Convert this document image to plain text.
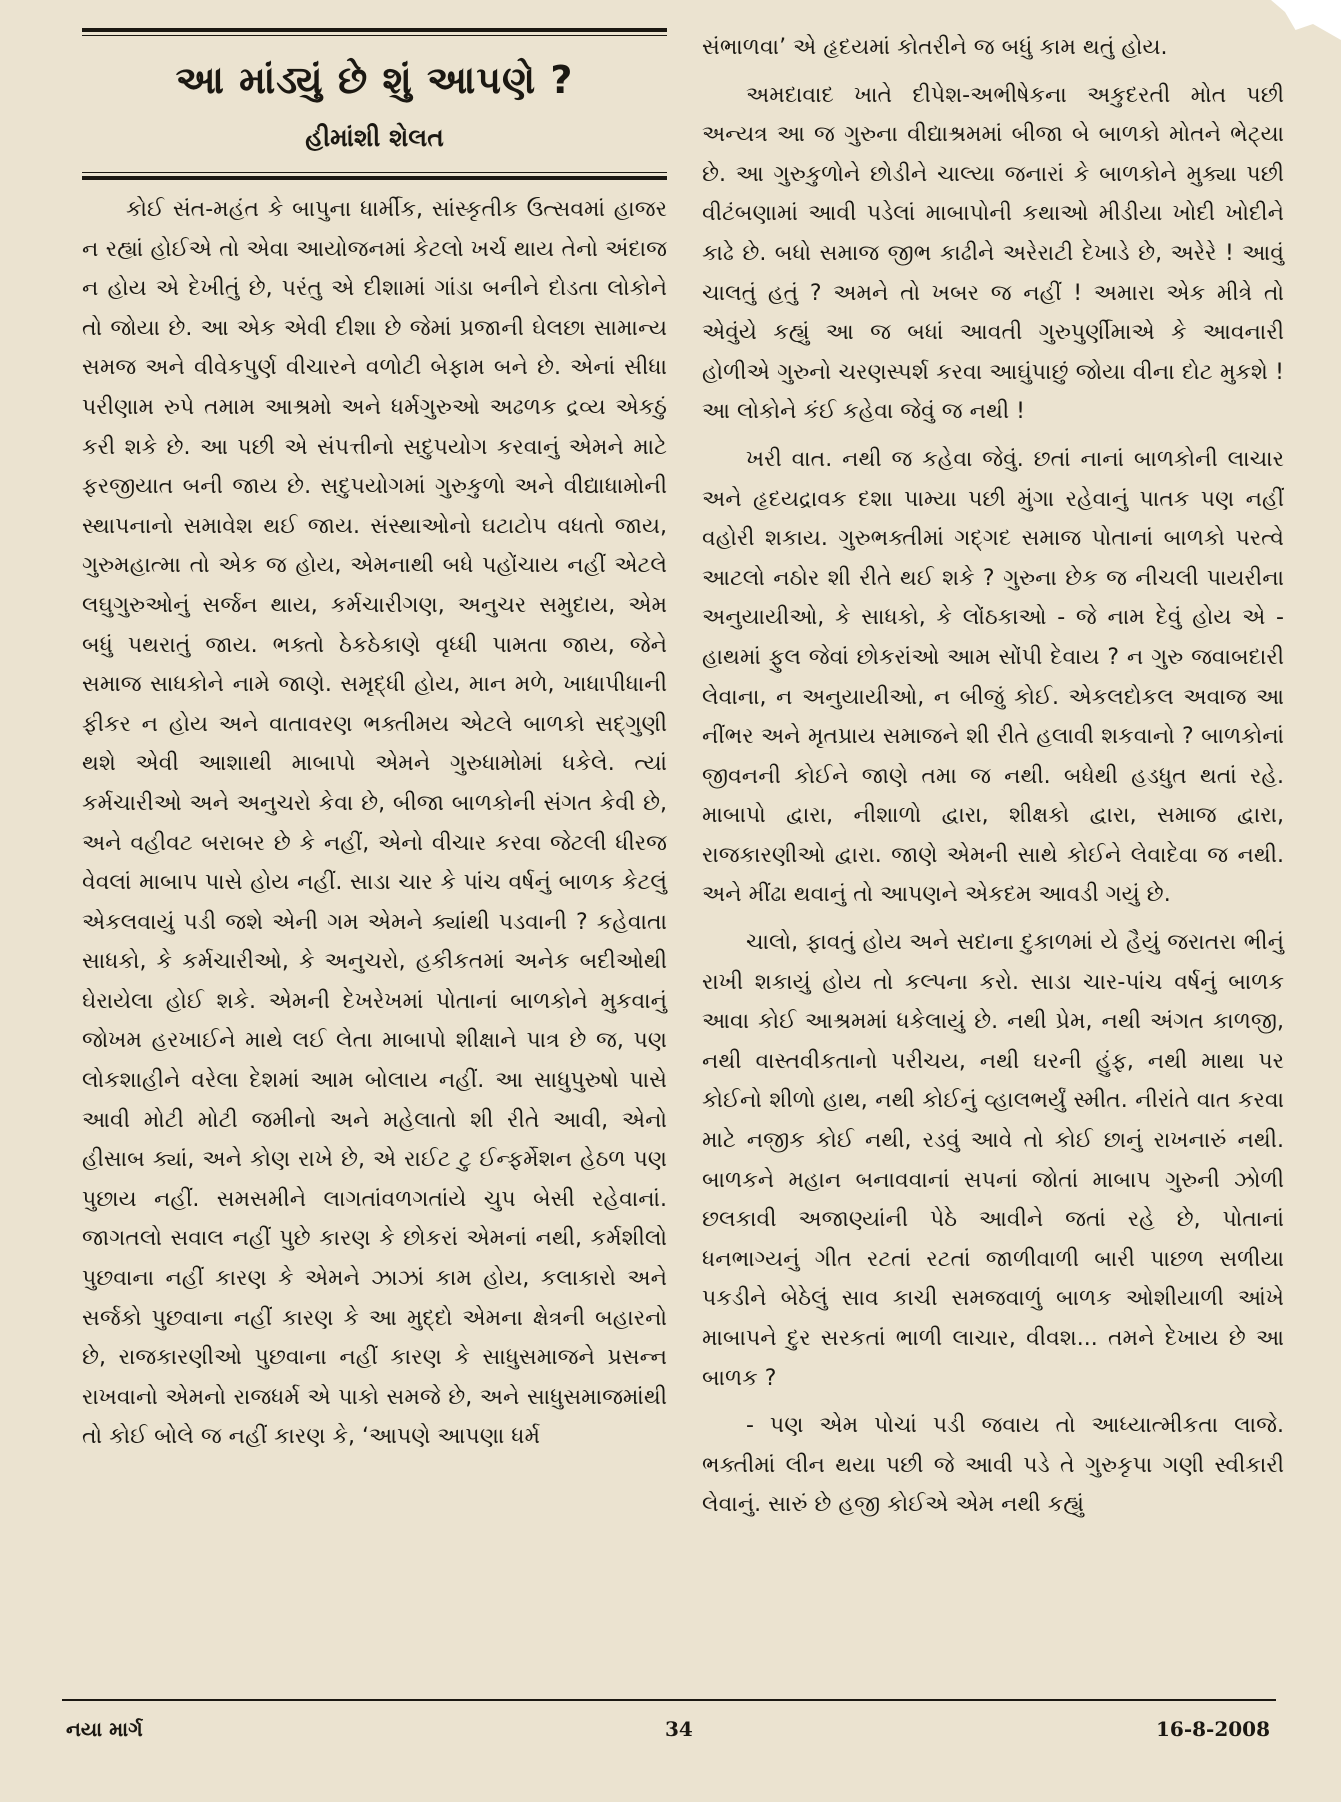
આ માંડ્યું છે શું આપણે ?
હીમાંશી શેલત

કોઈ સંત-મહંત કે બાપુના ધાર્મીક, સાંસ્કૃતીક ઉત્સવમાં હાજર ન રહ્યાં હોઈએ તો એવા આયોજનમાં કેટલો ખર્ચ થાય તેનો અંદાજ ન હોય એ દેખીતું છે, પરંતુ એ દીશામાં ગાંડા બનીને દોડતા લોકોને તો જોયા છે. આ એક એવી દીશા છે જેમાં પ્રજાની ઘેલછા સામાન્ય સમજ અને વીવેકપુર્ણ વીચારને વળોટી બેફામ બને છે. એનાં સીધા પરીણામ રુપે તમામ આશ્રમો અને ધર્મગુરુઓ અઢળક દ્રવ્ય એકઠું કરી શકે છે. આ પછી એ સંપત્તીનો સદુપયોગ કરવાનું એમને માટે ફરજીયાત બની જાય છે. સદુપયોગમાં ગુરુકુળો અને વીદ્યાધામોની સ્થાપનાનો સમાવેશ થઈ જાય. સંસ્થાઓનો ઘટાટોપ વધતો જાય, ગુરુમહાત્મા તો એક જ હોય, એમનાથી બધે પહોંચાય નહીં એટલે લઘુગુરુઓનું સર્જન થાય, કર્મચારીગણ, અનુચર સમુદાય, એમ બધું પથરાતું જાય. ભક્તો ઠેકઠેકાણે વૃધ્ધી પામતા જાય, જેને સમાજ સાધકોને નામે જાણે. સમૃદ્ધી હોય, માન મળે, ખાધાપીધાની ફીકર ન હોય અને વાતાવરણ ભક્તીમય એટલે બાળકો સદ્ગુણી થશે એવી આશાથી માબાપો એમને ગુરુધામોમાં ધકેલે. ત્યાં કર્મચારીઓ અને અનુચરો કેવા છે, બીજા બાળકોની સંગત કેવી છે, અને વહીવટ બરાબર છે કે નહીં, એનો વીચાર કરવા જેટલી ધીરજ વેવલાં માબાપ પાસે હોય નહીં. સાડા ચાર કે પાંચ વર્ષનું બાળક કેટલું એકલવાયું પડી જશે એની ગમ એમને ક્યાંથી પડવાની ? કહેવાતા સાધકો, કે કર્મચારીઓ, કે અનુચરો, હકીકતમાં અનેક બદીઓથી ઘેરાયેલા હોઈ શકે. એમની દેખરેખમાં પોતાનાં બાળકોને મુકવાનું જોખમ હરખાઈને માથે લઈ લેતા માબાપો શીક્ષાને પાત્ર છે જ, પણ લોકશાહીને વરેલા દેશમાં આમ બોલાય નહીં. આ સાધુપુરુષો પાસે આવી મોટી મોટી જમીનો અને મહેલાતો શી રીતે આવી, એનો હીસાબ ક્યાં, અને કોણ રાખે છે, એ રાઈટ ટુ ઈન્ફર્મેશન હેઠળ પણ પુછાય નહીં. સમસમીને લાગતાંવળગતાંયે ચુપ બેસી રહેવાનાં. જાગતલો સવાલ નહીં પુછે કારણ કે છોકરાં એમનાં નથી, કર્મશીલો પુછવાના નહીં કારણ કે એમને ઝાઝાં કામ હોય, કલાકારો અને સર્જકો પુછવાના નહીં કારણ કે આ મુદ્દો એમના ક્ષેત્રની બહારનો છે, રાજકારણીઓ પુછવાના નહીં કારણ કે સાધુસમાજને પ્રસન્ન રાખવાનો એમનો રાજધર્મ એ પાકો સમજે છે, અને સાધુસમાજમાંથી તો કોઈ બોલે જ નહીં કારણ કે, ‘આપણે આપણા ધર્મ

સંભાળવા’ એ હૃદયમાં કોતરીને જ બધું કામ થતું હોય.

અમદાવાદ ખાતે દીપેશ-અભીષેકના અકુદરતી મોત પછી અન્યત્ર આ જ ગુરુના વીદ્યાશ્રમમાં બીજા બે બાળકો મોતને ભેટ્યા છે. આ ગુરુકુળોને છોડીને ચાલ્યા જનારાં કે બાળકોને મુક્યા પછી વીટંબણામાં આવી પડેલાં માબાપોની કથાઓ મીડીયા ખોદી ખોદીને કાઢે છે. બધો સમાજ જીભ કાઢીને અરેરાટી દેખાડે છે, અરેરે ! આવું ચાલતું હતું ? અમને તો ખબર જ નહીં ! અમારા એક મીત્રે તો એવુંયે કહ્યું આ જ બધાં આવતી ગુરુપુર્ણીમાએ કે આવનારી હોળીએ ગુરુનો ચરણસ્પર્શ કરવા આઘુંપાછું જોયા વીના દોટ મુકશે ! આ લોકોને કંઈ કહેવા જેવું જ નથી !

ખરી વાત. નથી જ કહેવા જેવું. છતાં નાનાં બાળકોની લાચાર અને હૃદયદ્રાવક દશા પામ્યા પછી મુંગા રહેવાનું પાતક પણ નહીં વહોરી શકાય. ગુરુભક્તીમાં ગદ્ગદ સમાજ પોતાનાં બાળકો પરત્વે આટલો નઠોર શી રીતે થઈ શકે ? ગુરુના છેક જ નીચલી પાયરીના અનુયાયીઓ, કે સાધકો, કે લોંઠકાઓ - જે નામ દેવું હોય એ - હાથમાં ફુલ જેવાં છોકરાંઓ આમ સોંપી દેવાય ? ન ગુરુ જવાબદારી લેવાના, ન અનુયાયીઓ, ન બીજું કોઈ. એકલદોકલ અવાજ આ નીંભર અને મૃતપ્રાય સમાજને શી રીતે હલાવી શકવાનો ? બાળકોનાં જીવનની કોઈને જાણે તમા જ નથી. બધેથી હડધુત થતાં રહે. માબાપો દ્વારા, નીશાળો દ્વારા, શીક્ષકો દ્વારા, સમાજ દ્વારા, રાજકારણીઓ દ્વારા. જાણે એમની સાથે કોઈને લેવાદેવા જ નથી. અને મીંઢા થવાનું તો આપણને એકદમ આવડી ગયું છે.

ચાલો, ફાવતું હોય અને સદાના દુકાળમાં યે હૈયું જરાતરા ભીનું રાખી શકાયું હોય તો કલ્પના કરો. સાડા ચાર-પાંચ વર્ષનું બાળક આવા કોઈ આશ્રમમાં ધકેલાયું છે. નથી પ્રેમ, નથી અંગત કાળજી, નથી વાસ્તવીકતાનો પરીચય, નથી ઘરની હુંફ, નથી માથા પર કોઈનો શીળો હાથ, નથી કોઈનું વ્હાલભર્યું સ્મીત. નીરાંતે વાત કરવા માટે નજીક કોઈ નથી, રડવું આવે તો કોઈ છાનું રાખનારું નથી. બાળકને મહાન બનાવવાનાં સપનાં જોતાં માબાપ ગુરુની ઝોળી છલકાવી અજાણ્યાંની પેઠે આવીને જતાં રહે છે, પોતાનાં ધનભાગ્યનું ગીત રટતાં રટતાં જાળીવાળી બારી પાછળ સળીયા પકડીને બેઠેલું સાવ કાચી સમજવાળું બાળક ઓશીયાળી આંખે માબાપને દુર સરકતાં ભાળી લાચાર, વીવશ... તમને દેખાય છે આ બાળક ?

- પણ એમ પોચાં પડી જવાય તો આધ્યાત્મીકતા લાજે. ભક્તીમાં લીન થયા પછી જે આવી પડે તે ગુરુકૃપા ગણી સ્વીકારી લેવાનું. સારું છે હજી કોઈએ એમ નથી કહ્યું

નયા માર્ગ	34	16-8-2008
